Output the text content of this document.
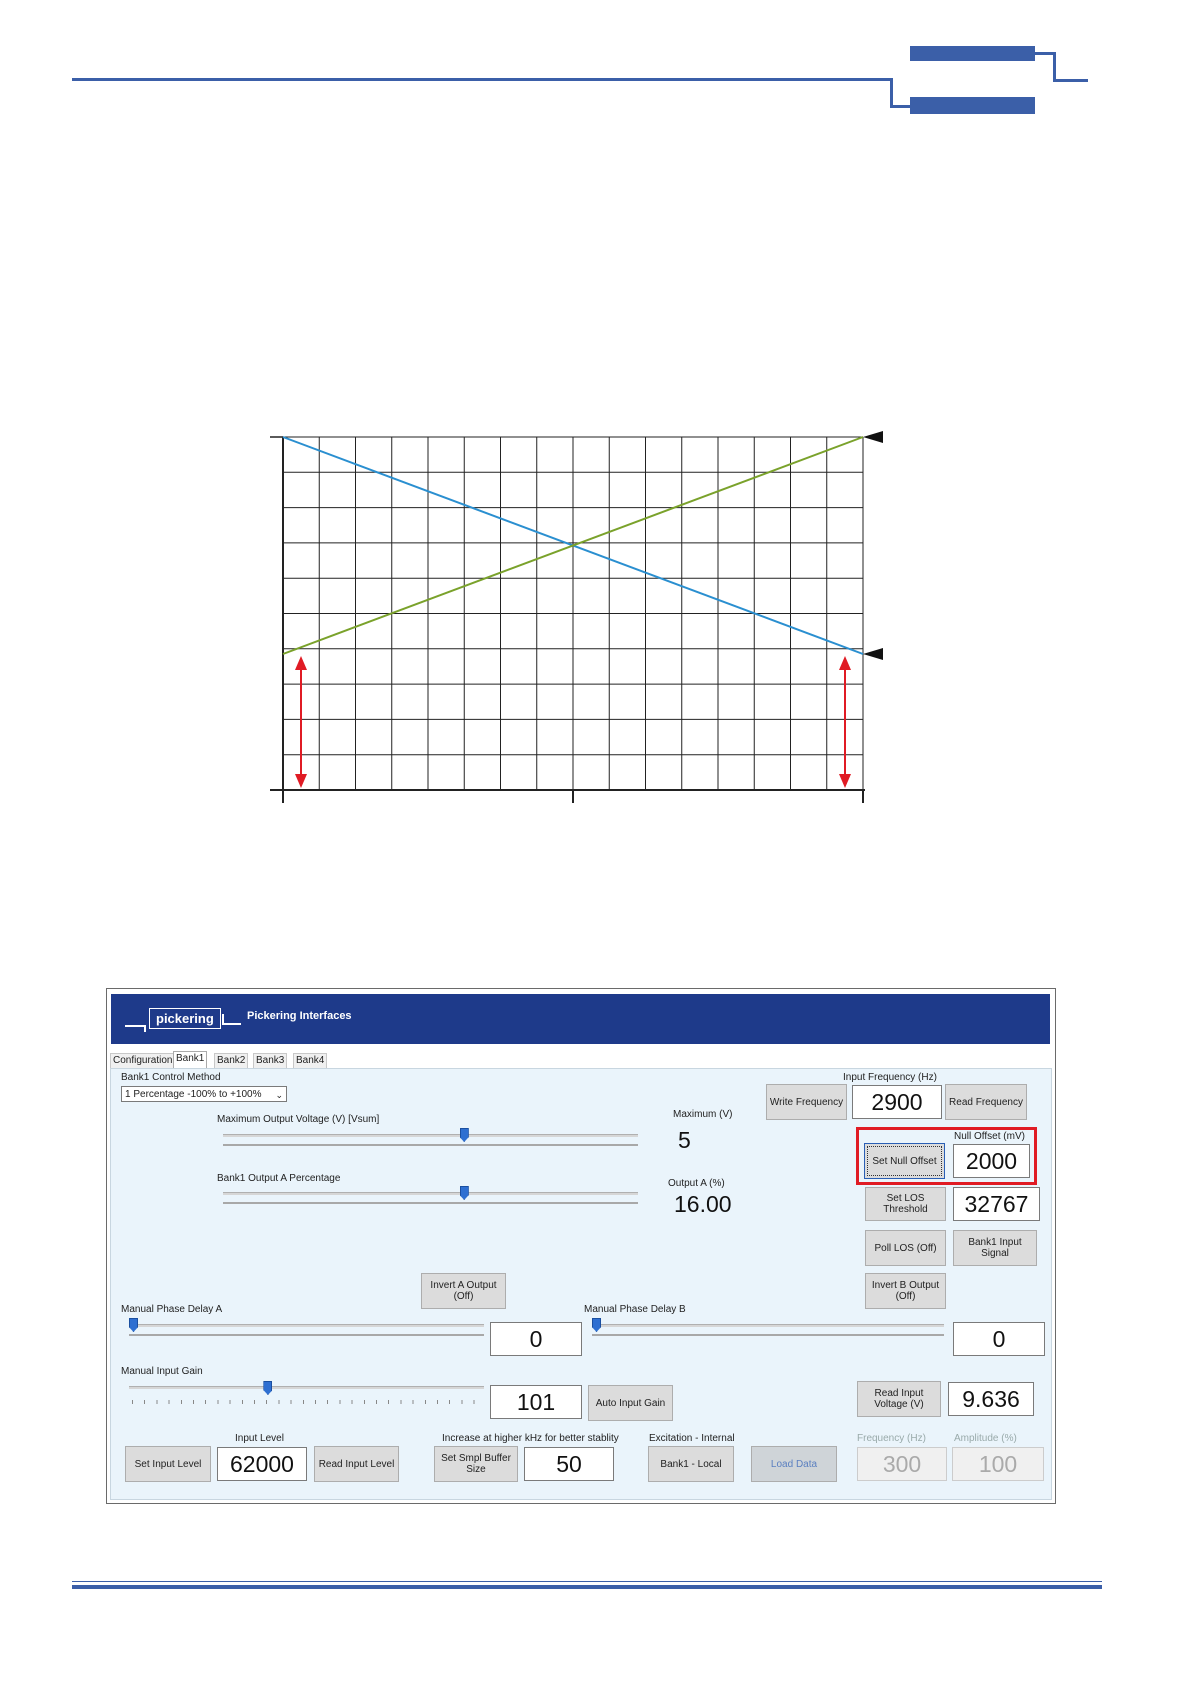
pickering	Pickering Interfaces
Configuration Bank1	Bank2	Bank3	Bank4
Bank1 Control Method
1 Percentage -100% to +100% ⌄
Maximum Output Voltage (V) [Vsum]	Maximum (V)
5
Bank1 Output A Percentage	Output A (%)
16.00
Input Frequency (Hz)
Write Frequency	2900	Read Frequency
Null Offset (mV)
Set Null Offset	2000
Set LOS Threshold	32767
Poll LOS (Off)	Bank1 Input Signal
Invert A Output (Off)
Invert B Output (Off)
Manual Phase Delay A
0
Manual Phase Delay B
0
Manual Input Gain
101	Auto Input Gain
Read Input Voltage (V)	9.636
Input Level
Set Input Level	62000	Read Input Level
Increase at higher kHz for better stablity
Set Smpl Buffer Size	50
Excitation - Internal
Bank1 - Local	Load Data
Frequency (Hz)
300
Amplitude (%)
100
